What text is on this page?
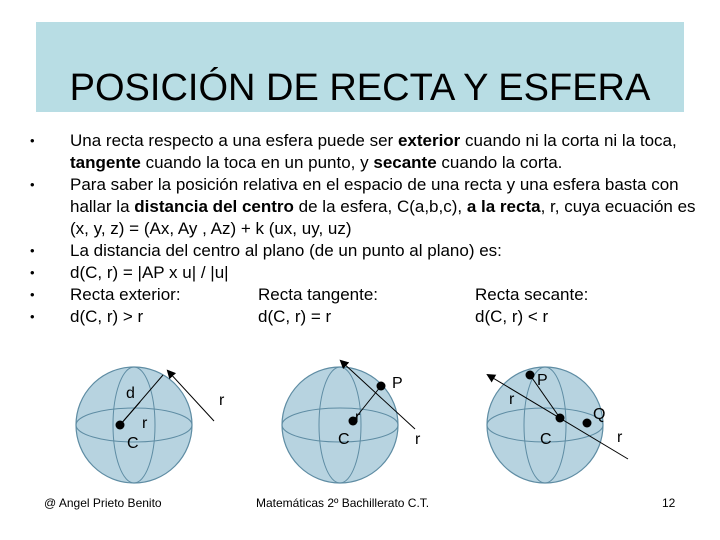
POSICIÓN DE RECTA Y ESFERA
• Una recta respecto a una esfera puede ser exterior cuando ni la corta ni la toca, tangente cuando la toca en un punto, y secante cuando la corta.
• Para saber la posición relativa en el espacio de una recta y una esfera basta con hallar la distancia del centro de la esfera, C(a,b,c), a la recta, r, cuya ecuación es (x, y, z) = (Ax, Ay , Az) + k (ux, uy, uz)
• La distancia del centro al plano (de un punto al plano) es:
• d(C, r) = |AP x u| / |u|
• Recta exterior:	Recta tangente:	Recta secante:
• d(C, r) > r	d(C, r) = r	d(C, r) < r
d
r
C
r
P
r
C	r
P
r
Q
C	r
@ Angel Prieto Benito	Matemáticas 2º Bachillerato C.T.	12
